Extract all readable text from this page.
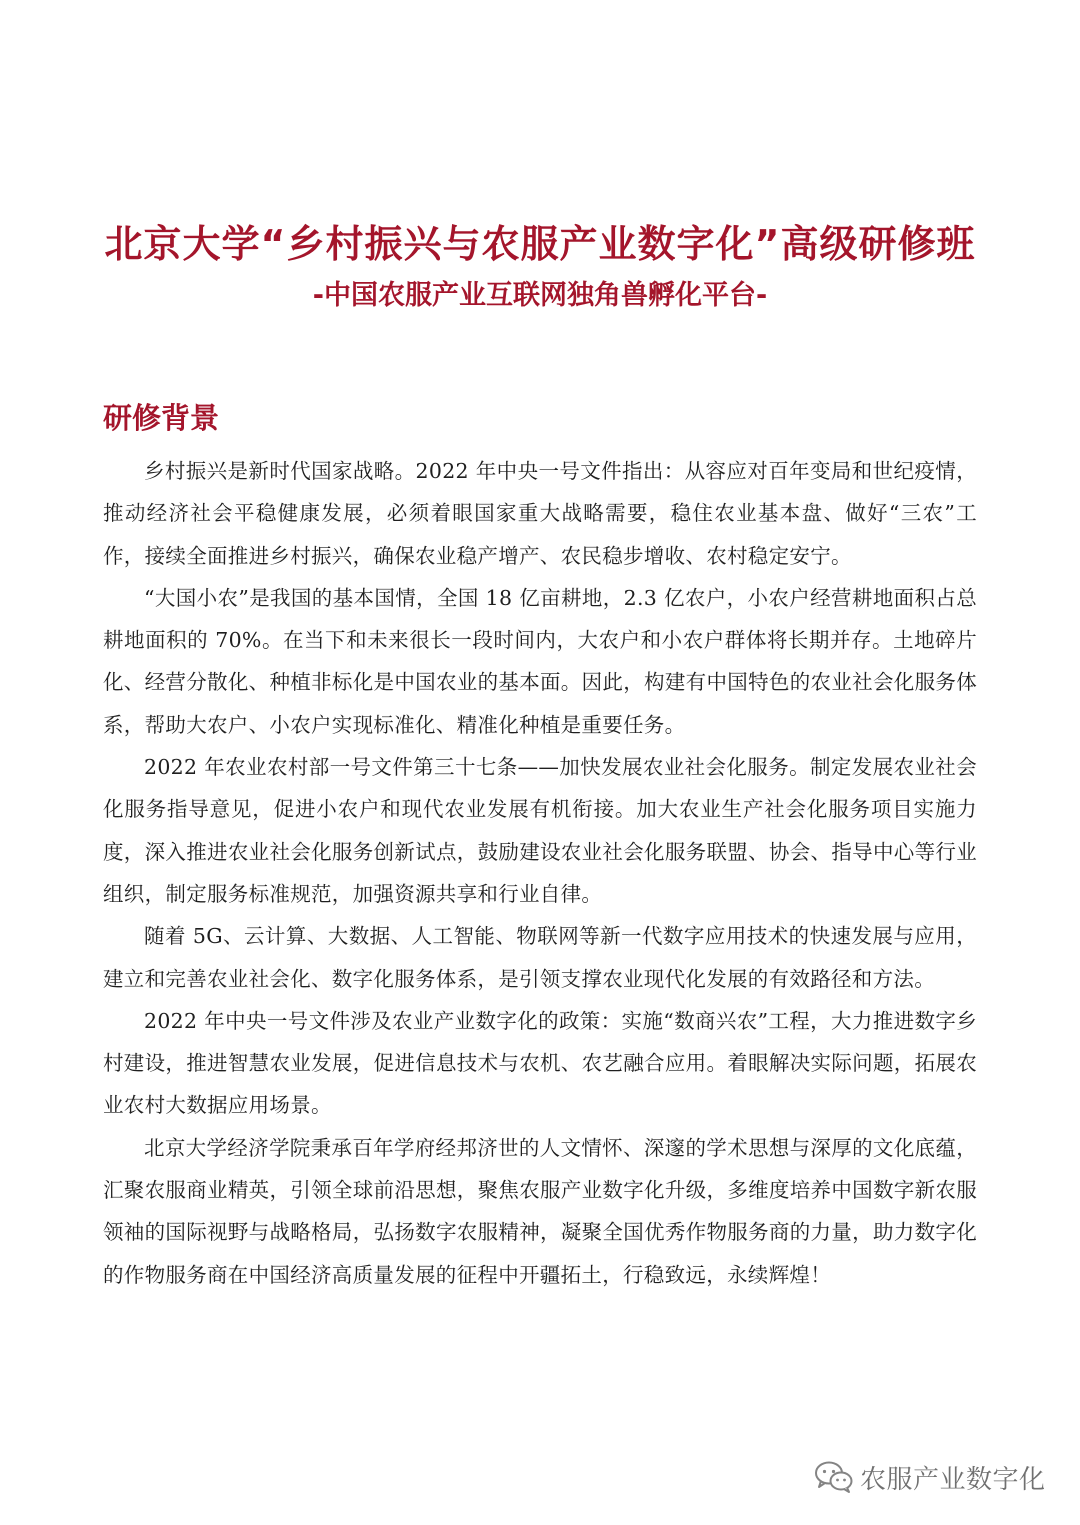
北京大学“乡村振兴与农服产业数字化”高级研修班
-中国农服产业互联网独角兽孵化平台-
研修背景

乡村振兴是新时代国家战略。2022 年中央一号文件指出：从容应对百年变局和世纪疫情，推动经济社会平稳健康发展，必须着眼国家重大战略需要，稳住农业基本盘、做好“三农”工作，接续全面推进乡村振兴，确保农业稳产增产、农民稳步增收、农村稳定安宁。

“大国小农”是我国的基本国情，全国 18 亿亩耕地，2.3 亿农户，小农户经营耕地面积占总耕地面积的 70%。在当下和未来很长一段时间内，大农户和小农户群体将长期并存。土地碎片化、经营分散化、种植非标化是中国农业的基本面。因此，构建有中国特色的农业社会化服务体系，帮助大农户、小农户实现标准化、精准化种植是重要任务。

2022 年农业农村部一号文件第三十七条——加快发展农业社会化服务。制定发展农业社会化服务指导意见，促进小农户和现代农业发展有机衔接。加大农业生产社会化服务项目实施力度，深入推进农业社会化服务创新试点，鼓励建设农业社会化服务联盟、协会、指导中心等行业组织，制定服务标准规范，加强资源共享和行业自律。

随着 5G、云计算、大数据、人工智能、物联网等新一代数字应用技术的快速发展与应用，建立和完善农业社会化、数字化服务体系，是引领支撑农业现代化发展的有效路径和方法。

2022 年中央一号文件涉及农业产业数字化的政策：实施“数商兴农”工程，大力推进数字乡村建设，推进智慧农业发展，促进信息技术与农机、农艺融合应用。着眼解决实际问题，拓展农业农村大数据应用场景。

北京大学经济学院秉承百年学府经邦济世的人文情怀、深邃的学术思想与深厚的文化底蕴，汇聚农服商业精英，引领全球前沿思想，聚焦农服产业数字化升级，多维度培养中国数字新农服领袖的国际视野与战略格局，弘扬数字农服精神，凝聚全国优秀作物服务商的力量，助力数字化的作物服务商在中国经济高质量发展的征程中开疆拓土，行稳致远，永续辉煌！

农服产业数字化
